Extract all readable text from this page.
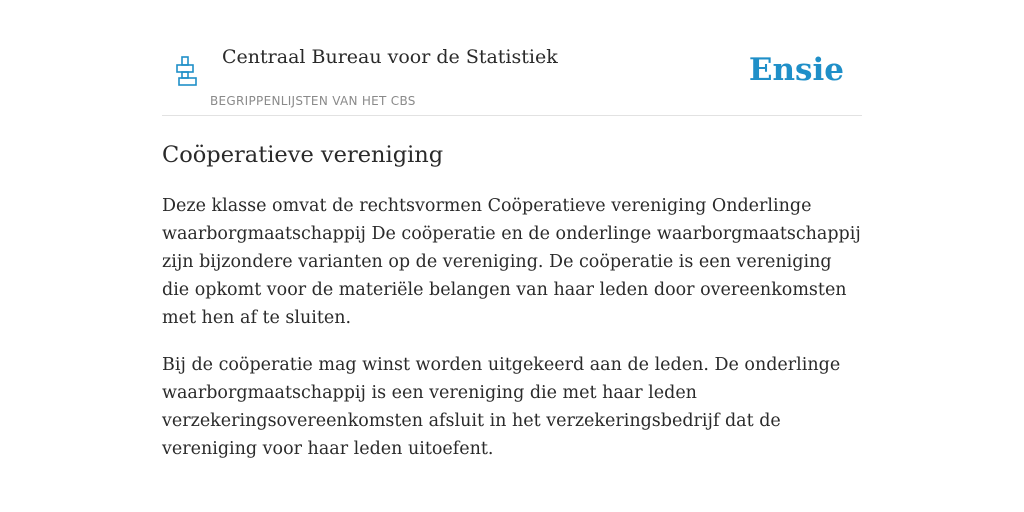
Centraal Bureau voor de Statistiek
BEGRIPPENLIJSTEN VAN HET CBS
Ensie
Coöperatieve vereniging

Deze klasse omvat de rechtsvormen Coöperatieve vereniging Onderlinge waarborgmaatschappij De coöperatie en de onderlinge waarborgmaatschappij zijn bijzondere varianten op de vereniging. De coöperatie is een vereniging die opkomt voor de materiële belangen van haar leden door overeenkomsten met hen af te sluiten.

Bij de coöperatie mag winst worden uitgekeerd aan de leden. De onderlinge waarborgmaatschappij is een vereniging die met haar leden verzekeringsovereenkomsten afsluit in het verzekeringsbedrijf dat de vereniging voor haar leden uitoefent.
